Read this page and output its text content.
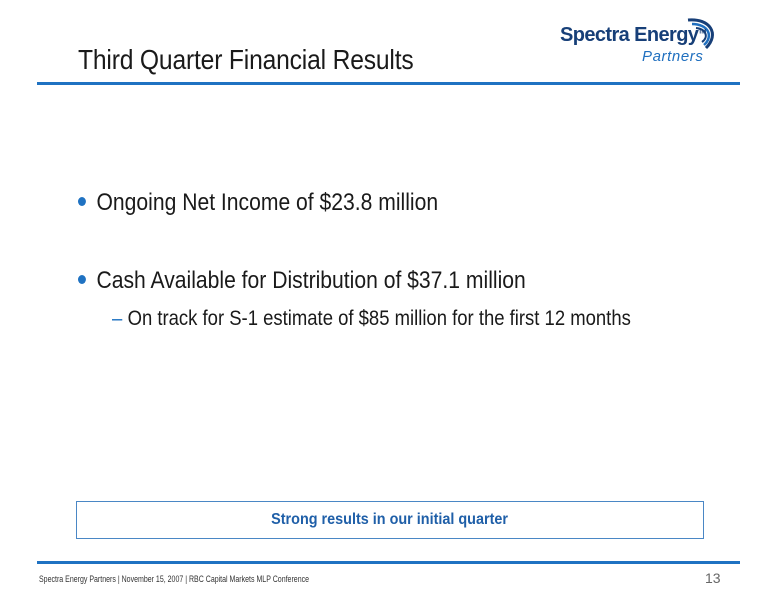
Third Quarter Financial Results
Spectra Energy™
Partners
Ongoing Net Income of $23.8 million
Cash Available for Distribution of $37.1 million
– On track for S-1 estimate of $85 million for the first 12 months
Strong results in our initial quarter
Spectra Energy Partners | November 15, 2007 | RBC Capital Markets MLP Conference	13
